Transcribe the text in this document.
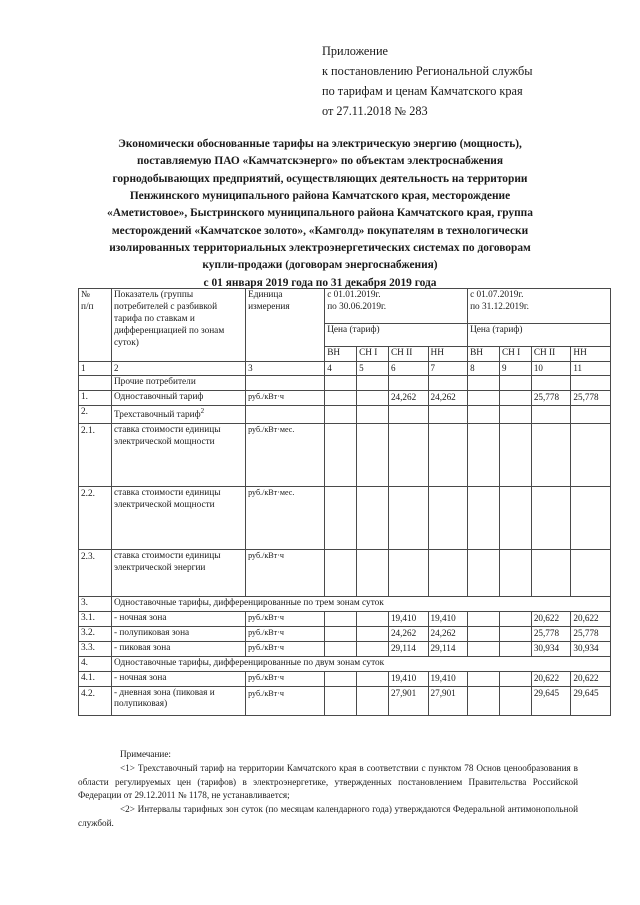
Приложение
к постановлению Региональной службы
по тарифам и ценам Камчатского края
от 27.11.2018 № 283
Экономически обоснованные тарифы на электрическую энергию (мощность),
поставляемую ПАО «Камчатскэнерго» по объектам электроснабжения
горнодобывающих предприятий, осуществляющих деятельность на территории
Пенжинского муниципального района Камчатского края, месторождение
«Аметистовое», Быстринского муниципального района Камчатского края, группа
месторождений «Камчатское золото», «Камголд» покупателям в технологически
изолированных территориальных электроэнергетических системах по договорам
купли-продажи (договорам энергоснабжения)
с 01 января 2019 года по 31 декабря 2019 года
№
п/п	Показатель (группы потребителей с разбивкой тарифа по ставкам и дифференциацией по зонам суток)	Единица
измерения	с 01.01.2019г.
по 30.06.2019г.				с 01.07.2019г.
по 31.12.2019г.			
			Цена (тариф)				Цена (тариф)			
			ВН	СН I	СН II	НН	ВН	СН I	СН II	НН
1	2	3	4	5	6	7	8	9	10	11
	Прочие потребители									
1.	Одноставочный тариф	руб./кВт·ч			24,262	24,262			25,778	25,778
2.	Трехставочный тариф$^2$									
2.1.	ставка стоимости единицы электрической мощности	руб./кВт·мес.								
2.2.	ставка стоимости единицы электрической мощности	руб./кВт·мес.								
2.3.	ставка стоимости единицы электрической энергии	руб./кВт·ч								
3.	Одноставочные тарифы, дифференцированные по трем зонам суток									
3.1.	- ночная зона	руб./кВт·ч			19,410	19,410			20,622	20,622
3.2.	- полупиковая зона	руб./кВт·ч			24,262	24,262			25,778	25,778
3.3.	- пиковая зона	руб./кВт·ч			29,114	29,114			30,934	30,934
4.	Одноставочные тарифы, дифференцированные по двум зонам суток									
4.1.	- ночная зона	руб./кВт·ч			19,410	19,410			20,622	20,622
4.2.	- дневная зона (пиковая и полупиковая)	руб./кВт·ч			27,901	27,901			29,645	29,645

Примечание:

<1> Трехставочный тариф на территории Камчатского края в соответствии с пунктом 78 Основ ценообразования в области регулируемых цен (тарифов) в электроэнергетике, утвержденных постановлением Правительства Российской Федерации от 29.12.2011 № 1178, не устанавливается;

<2> Интервалы тарифных зон суток (по месяцам календарного года) утверждаются Федеральной антимонопольной службой.
